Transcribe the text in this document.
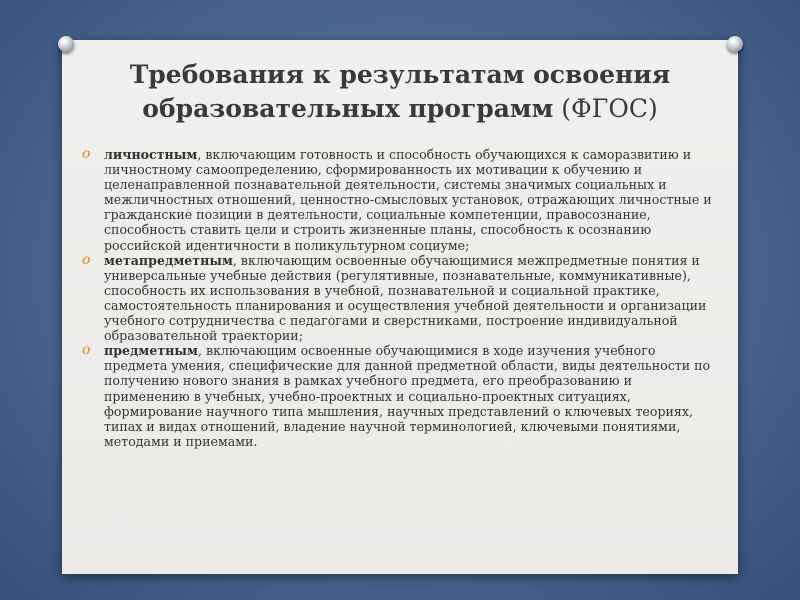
Требования к результатам освоения образовательных программ (ФГОС)
o личностным, включающим готовность и способность обучающихся к саморазвитию и личностному самоопределению, сформированность их мотивации к обучению и целенаправленной познавательной деятельности, системы значимых социальных и межличностных отношений, ценностно-смысловых установок, отражающих личностные и гражданские позиции в деятельности, социальные компетенции, правосознание, способность ставить цели и строить жизненные планы, способность к осознанию российской идентичности в поликультурном социуме;
o метапредметным, включающим освоенные обучающимися межпредметные понятия и универсальные учебные действия (регулятивные, познавательные, коммуникативные), способность их использования в учебной, познавательной и социальной практике, самостоятельность планирования и осуществления учебной деятельности и организации учебного сотрудничества с педагогами и сверстниками, построение индивидуальной образовательной траектории;
o предметным, включающим освоенные обучающимися в ходе изучения учебного предмета умения, специфические для данной предметной области, виды деятельности по получению нового знания в рамках учебного предмета, его преобразованию и применению в учебных, учебно-проектных и социально-проектных ситуациях, формирование научного типа мышления, научных представлений о ключевых теориях, типах и видах отношений, владение научной терминологией, ключевыми понятиями, методами и приемами.
